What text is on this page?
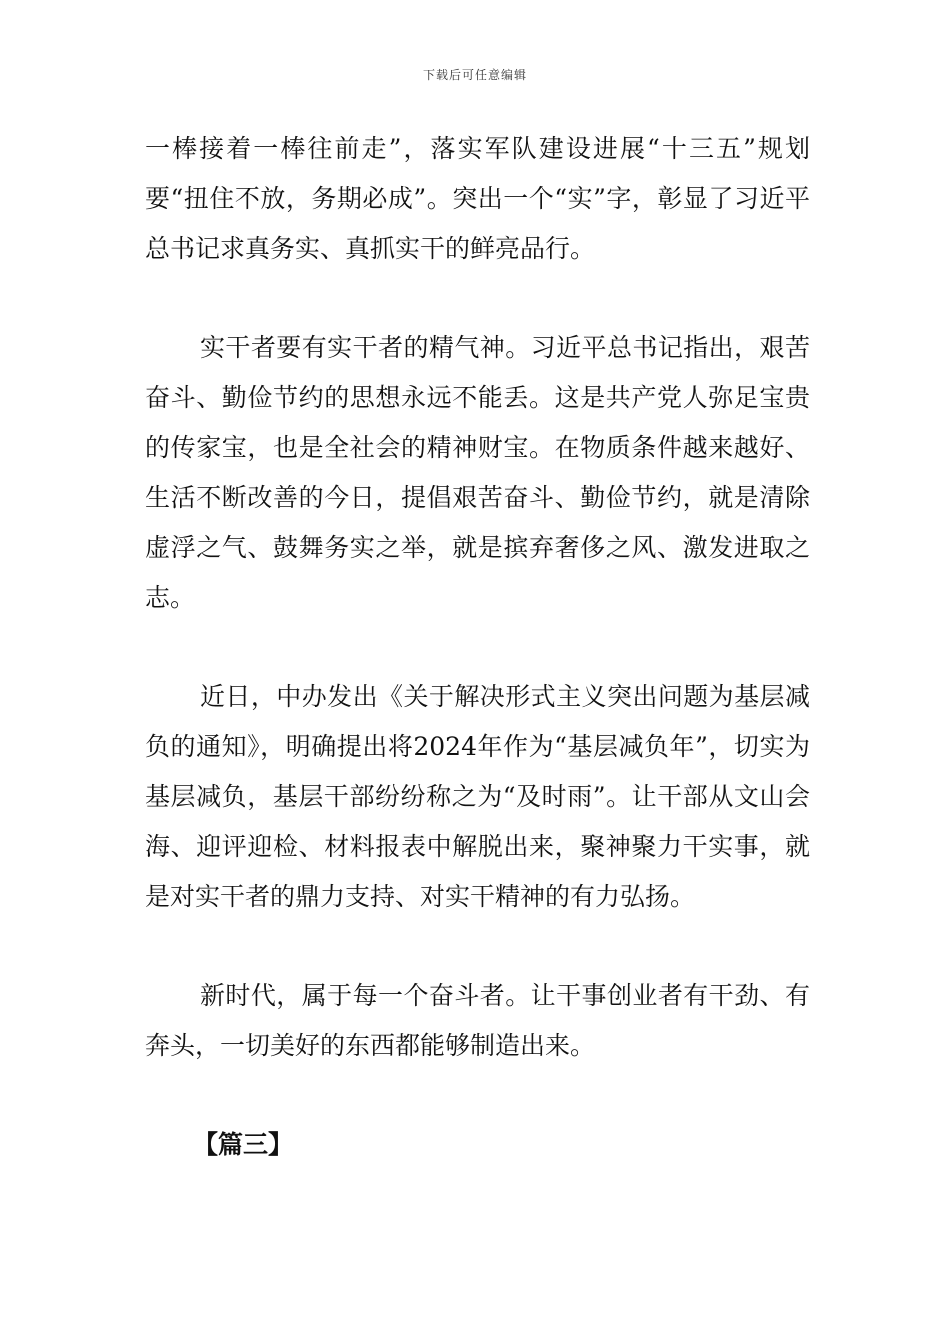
下载后可任意编辑

一棒接着一棒往前走”，落实军队建设进展“十三五”规划要“扭住不放，务期必成”。突出一个“实”字，彰显了习近平总书记求真务实、真抓实干的鲜亮品行。

实干者要有实干者的精气神。习近平总书记指出，艰苦奋斗、勤俭节约的思想永远不能丢。这是共产党人弥足宝贵的传家宝，也是全社会的精神财宝。在物质条件越来越好、生活不断改善的今日，提倡艰苦奋斗、勤俭节约，就是清除虚浮之气、鼓舞务实之举，就是摈弃奢侈之风、激发进取之志。

近日，中办发出《关于解决形式主义突出问题为基层减负的通知》，明确提出将2024年作为“基层减负年”，切实为基层减负，基层干部纷纷称之为“及时雨”。让干部从文山会海、迎评迎检、材料报表中解脱出来，聚神聚力干实事，就是对实干者的鼎力支持、对实干精神的有力弘扬。

新时代，属于每一个奋斗者。让干事创业者有干劲、有奔头，一切美好的东西都能够制造出来。

【篇三】
